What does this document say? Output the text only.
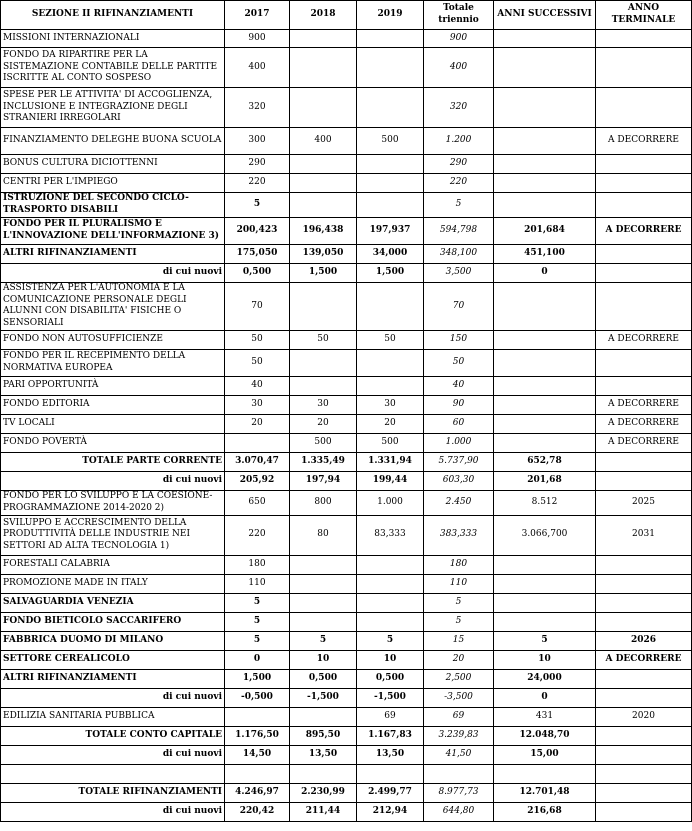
SEZIONE II RIFINANZIAMENTI	2017	2018	2019	Totale triennio	ANNI SUCCESSIVI	ANNO TERMINALE
MISSIONI INTERNAZIONALI	900			900		
FONDO DA RIPARTIRE PER LA SISTEMAZIONE CONTABILE DELLE PARTITE ISCRITTE AL CONTO SOSPESO	400			400		
SPESE PER LE ATTIVITA' DI ACCOGLIENZA, INCLUSIONE E INTEGRAZIONE DEGLI STRANIERI IRREGOLARI	320			320		
FINANZIAMENTO DELEGHE BUONA SCUOLA	300	400	500	1.200		A DECORRERE
BONUS CULTURA DICIOTTENNI	290			290		
CENTRI PER L'IMPIEGO	220			220		
ISTRUZIONE DEL SECONDO CICLO-TRASPORTO DISABILI	5			5		
FONDO PER IL PLURALISMO E L'INNOVAZIONE DELL'INFORMAZIONE 3)	200,423	196,438	197,937	594,798	201,684	A DECORRERE
ALTRI RIFINANZIAMENTI	175,050	139,050	34,000	348,100	451,100	
di cui nuovi	0,500	1,500	1,500	3,500	0	
ASSISTENZA PER L'AUTONOMIA E LA COMUNICAZIONE PERSONALE DEGLI ALUNNI CON DISABILITA' FISICHE O SENSORIALI	70			70		
FONDO NON AUTOSUFFICIENZE	50	50	50	150		A DECORRERE
FONDO PER IL RECEPIMENTO DELLA NORMATIVA EUROPEA	50			50		
PARI OPPORTUNITÀ	40			40		
FONDO EDITORIA	30	30	30	90		A DECORRERE
TV LOCALI	20	20	20	60		A DECORRERE
FONDO POVERTÀ		500	500	1.000		A DECORRERE
TOTALE PARTE CORRENTE	3.070,47	1.335,49	1.331,94	5.737,90	652,78	
di cui nuovi	205,92	197,94	199,44	603,30	201,68	
FONDO PER LO SVILUPPO E LA COESIONE-PROGRAMMAZIONE 2014-2020 2)	650	800	1.000	2.450	8.512	2025
SVILUPPO E ACCRESCIMENTO DELLA PRODUTTIVITÀ DELLE INDUSTRIE NEI SETTORI AD ALTA TECNOLOGIA 1)	220	80	83,333	383,333	3.066,700	2031
FORESTALI CALABRIA	180			180		
PROMOZIONE MADE IN ITALY	110			110		
SALVAGUARDIA VENEZIA	5			5		
FONDO BIETICOLO SACCARIFERO	5			5		
FABBRICA DUOMO DI MILANO	5	5	5	15	5	2026
SETTORE CEREALICOLO	0	10	10	20	10	A DECORRERE
ALTRI RIFINANZIAMENTI	1,500	0,500	0,500	2,500	24,000	
di cui nuovi	-0,500	-1,500	-1,500	-3,500	0	
EDILIZIA SANITARIA PUBBLICA			69	69	431	2020
TOTALE CONTO CAPITALE	1.176,50	895,50	1.167,83	3.239,83	12.048,70	
di cui nuovi	14,50	13,50	13,50	41,50	15,00	

TOTALE RIFINANZIAMENTI	4.246,97	2.230,99	2.499,77	8.977,73	12.701,48	
di cui nuovi	220,42	211,44	212,94	644,80	216,68	
